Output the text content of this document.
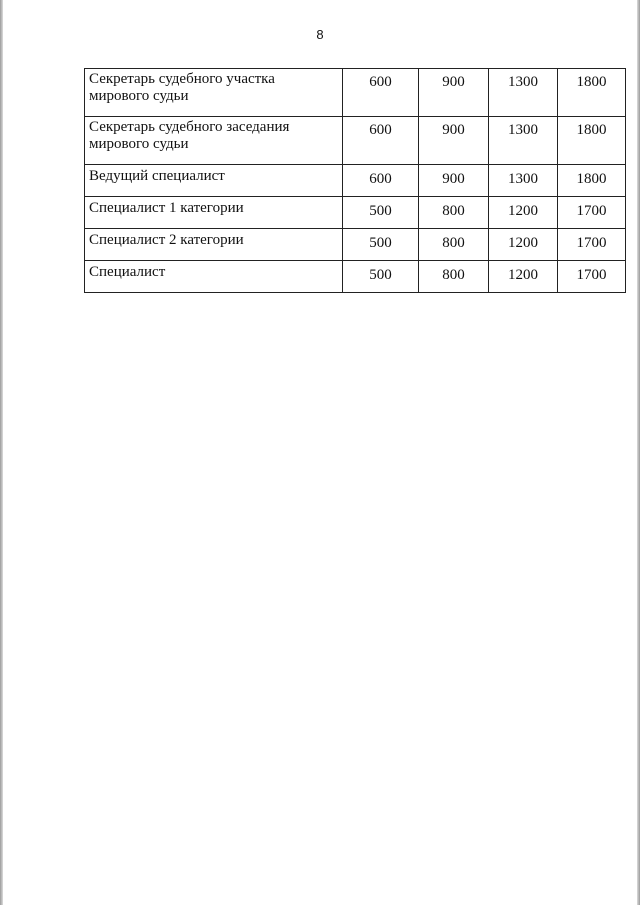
8
Секретарь судебного участка мирового судьи	600	900	1300	1800
Секретарь судебного заседания мирового судьи	600	900	1300	1800
Ведущий специалист	600	900	1300	1800
Специалист 1 категории	500	800	1200	1700
Специалист 2 категории	500	800	1200	1700
Специалист	500	800	1200	1700
